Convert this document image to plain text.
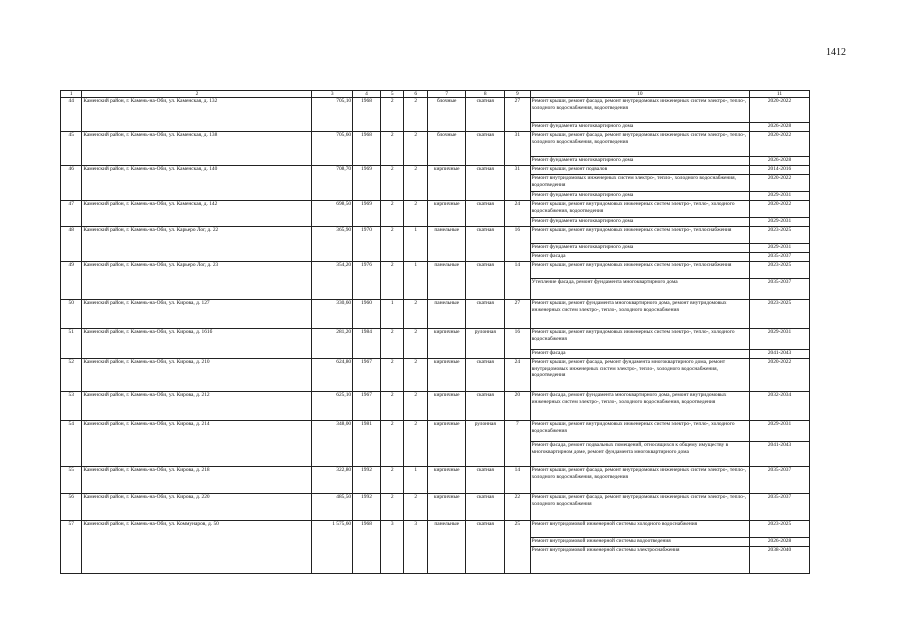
1412
1	2	3	4	5	6	7	8	9	10	11
44	Каменский район, г. Камень-на-Оби, ул. Каменская, д. 132	705,10	1968	2	2	блочные	скатная	27	Ремонт крыши, ремонт фасада, ремонт внутридомовых инженерных систем электро-, тепло-, холодного водоснабжения, водоотведения	2020-2022
									Ремонт фундамента многоквартирного дома	2026-2028
45	Каменский район, г. Камень-на-Оби, ул. Каменская, д. 138	705,60	1968	2	2	блочные	скатная	31	Ремонт крыши, ремонт фасада, ремонт внутридомовых инженерных систем электро-, тепло-, холодного водоснабжения, водоотведения	2020-2022
									Ремонт фундамента многоквартирного дома	2026-2028
46	Каменский район, г. Камень-на-Оби, ул. Каменская, д. 140	708,70	1969	2	2	кирпичные	скатная	31	Ремонт крыши, ремонт подвалов	2014-2016
									Ремонт внутридомовых инженерных систем электро-, тепло-, холодного водоснабжения, водоотведения	2020-2022
									Ремонт фундамента многоквартирного дома	2029-2031
47	Каменский район, г. Камень-на-Оби, ул. Каменская, д. 142	698,50	1969	2	2	кирпичные	скатная	24	Ремонт крыши, ремонт внутридомовых инженерных систем электро-, тепло-, холодного водоснабжения, водоотведения	2020-2022
									Ремонт фундамента многоквартирного дома	2029-2031
48	Каменский район, г. Камень-на-Оби, ул. Карьеро Лог, д. 22	365,90	1970	2	1	панельные	скатная	16	Ремонт крыши, ремонт внутридомовых инженерных систем электро-, теплоснабжения	2023-2025
									Ремонт фундамента многоквартирного дома	2029-2031
									Ремонт фасада	2035-2037
49	Каменский район, г. Камень-на-Оби, ул. Карьеро Лог, д. 23	354,20	1976	2	1	панельные	скатная	14	Ремонт крыши, ремонт внутридомовых инженерных систем электро-, теплоснабжения	2023-2025
									Утепление фасада, ремонт фундамента многоквартирного дома	2035-2037
50	Каменский район, г. Камень-на-Оби, ул. Кирова, д. 127	330,60	1960	1	2	панельные	скатная	27	Ремонт крыши, ремонт фундамента многоквартирного дома, ремонт внутридомовых инженерных систем электро-, тепло-, холодного водоснабжения	2023-2025
51	Каменский район, г. Камень-на-Оби, ул. Кирова, д. 161б	281,20	1984	2	2	кирпичные	рулонная	16	Ремонт крыши, ремонт внутридомовых инженерных систем электро-, тепло-, холодного водоснабжения	2029-2031
									Ремонт фасада	2041-2043
52	Каменский район, г. Камень-на-Оби, ул. Кирова, д. 210	624,80	1967	2	2	кирпичные	скатная	24	Ремонт крыши, ремонт фасада, ремонт фундамента многоквартирного дома, ремонт внутридомовых инженерных систем электро-, тепло-, холодного водоснабжения, водоотведения	2020-2022
53	Каменский район, г. Камень-на-Оби, ул. Кирова, д. 212	625,10	1967	2	2	кирпичные	скатная	20	Ремонт фасада, ремонт фундамента многоквартирного дома, ремонт внутридомовых инженерных систем электро-, тепло-, холодного водоснабжения, водоотведения	2032-2034
54	Каменский район, г. Камень-на-Оби, ул. Кирова, д. 214	348,00	1981	2	2	кирпичные	рулонная	7	Ремонт крыши, ремонт внутридомовых инженерных систем электро-, тепло-, холодного водоснабжения	2029-2031
									Ремонт фасада, ремонт подвальных помещений, относящихся к общему имуществу в многоквартирном доме, ремонт фундамента многоквартирного дома	2041-2043
55	Каменский район, г. Камень-на-Оби, ул. Кирова, д. 218	322,80	1992	2	1	кирпичные	скатная	14	Ремонт крыши, ремонт фасада, ремонт внутридомовых инженерных систем электро-, тепло-, холодного водоснабжения, водоотведения	2035-2037
56	Каменский район, г. Камень-на-Оби, ул. Кирова, д. 220	485,50	1992	2	2	кирпичные	скатная	22	Ремонт крыши, ремонт фасада, ремонт внутридомовых инженерных систем электро-, тепло-, холодного водоснабжения	2035-2037
57	Каменский район, г. Камень-на-Оби, ул. Коммунаров, д. 50	1 575,60	1968	3	3	панельные	скатная	25	Ремонт внутридомовой инженерной системы холодного водоснабжения	2023-2025
									Ремонт внутридомовой инженерной системы водоотведения	2026-2028
									Ремонт внутридомовой инженерной системы электроснабжения	2038-2040
